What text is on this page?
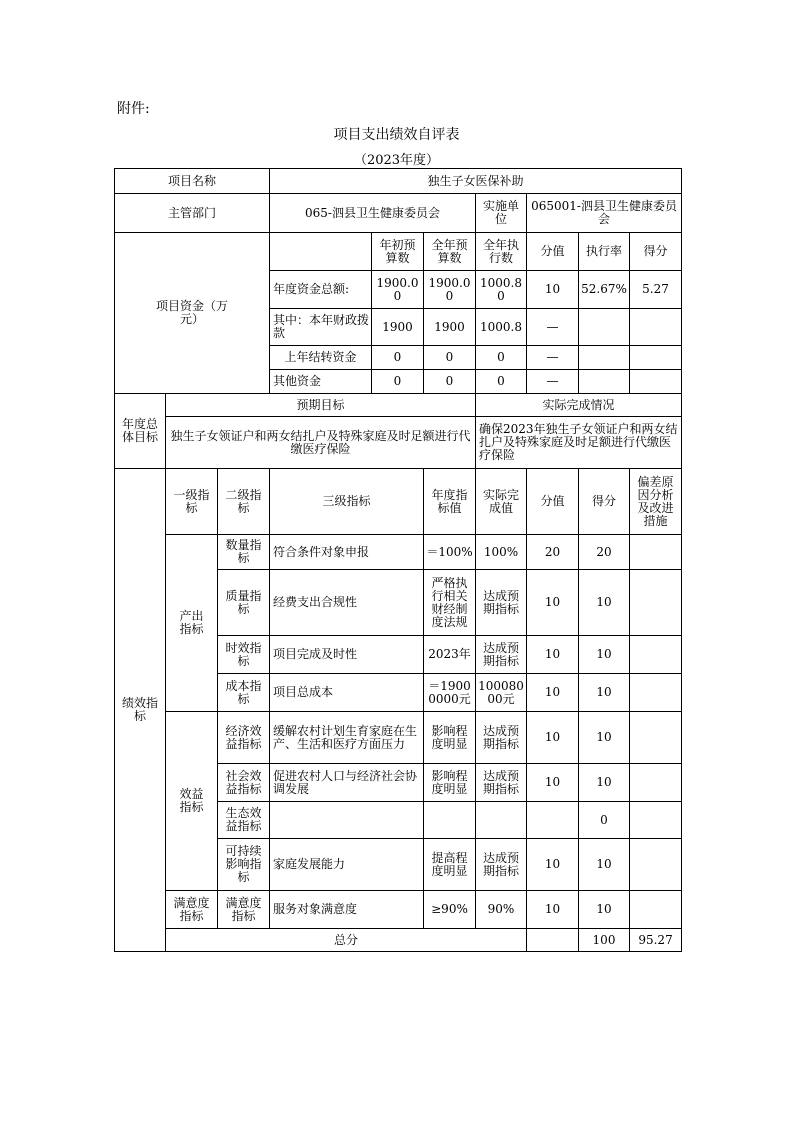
附件:
项目支出绩效自评表
（2023年度）
项目名称			独生子女医保补助							
主管部门			065-泗县卫生健康委员会			实施单位	065001-泗县卫生健康委员会			
项目资金（万元）				年初预算数	全年预算数	全年执行数	分值	执行率	得分	
			年度资金总额:	1900.00	1900.00	1000.80	10	52.67%	5.27	
			其中：本年财政拨款	1900	1900	1000.8	—			
			上年结转资金	0	0	0	—			
			其他资金	0	0	0	—			
年度总体目标	预期目标					实际完成情况				
	独生子女领证户和两女结扎户及特殊家庭及时足额进行代缴医疗保险					确保2023年独生子女领证户和两女结扎户及特殊家庭及时足额进行代缴医疗保险				
绩效指标	一级指标	二级指标	三级指标		年度指标值	实际完成值	分值	得分	偏差原因分析及改进措施	
	产出指标	数量指标	符合条件对象申报		＝100%	100%	20	20		
		质量指标	经费支出合规性		严格执行相关财经制度法规	达成预期指标	10	10		
		时效指标	项目完成及时性		2023年	达成预期指标	10	10		
		成本指标	项目总成本		＝19000000元	10008000元	10	10		
	效益指标	经济效益指标	缓解农村计划生育家庭在生产、生活和医疗方面压力		影响程度明显	达成预期指标	10	10		
		社会效益指标	促进农村人口与经济社会协调发展		影响程度明显	达成预期指标	10	10		
		生态效益指标						0		
		可持续影响指标	家庭发展能力		提高程度明显	达成预期指标	10	10		
	满意度指标	满意度指标	服务对象满意度		≥90%	90%	10	10		
	总分							100	95.27	
